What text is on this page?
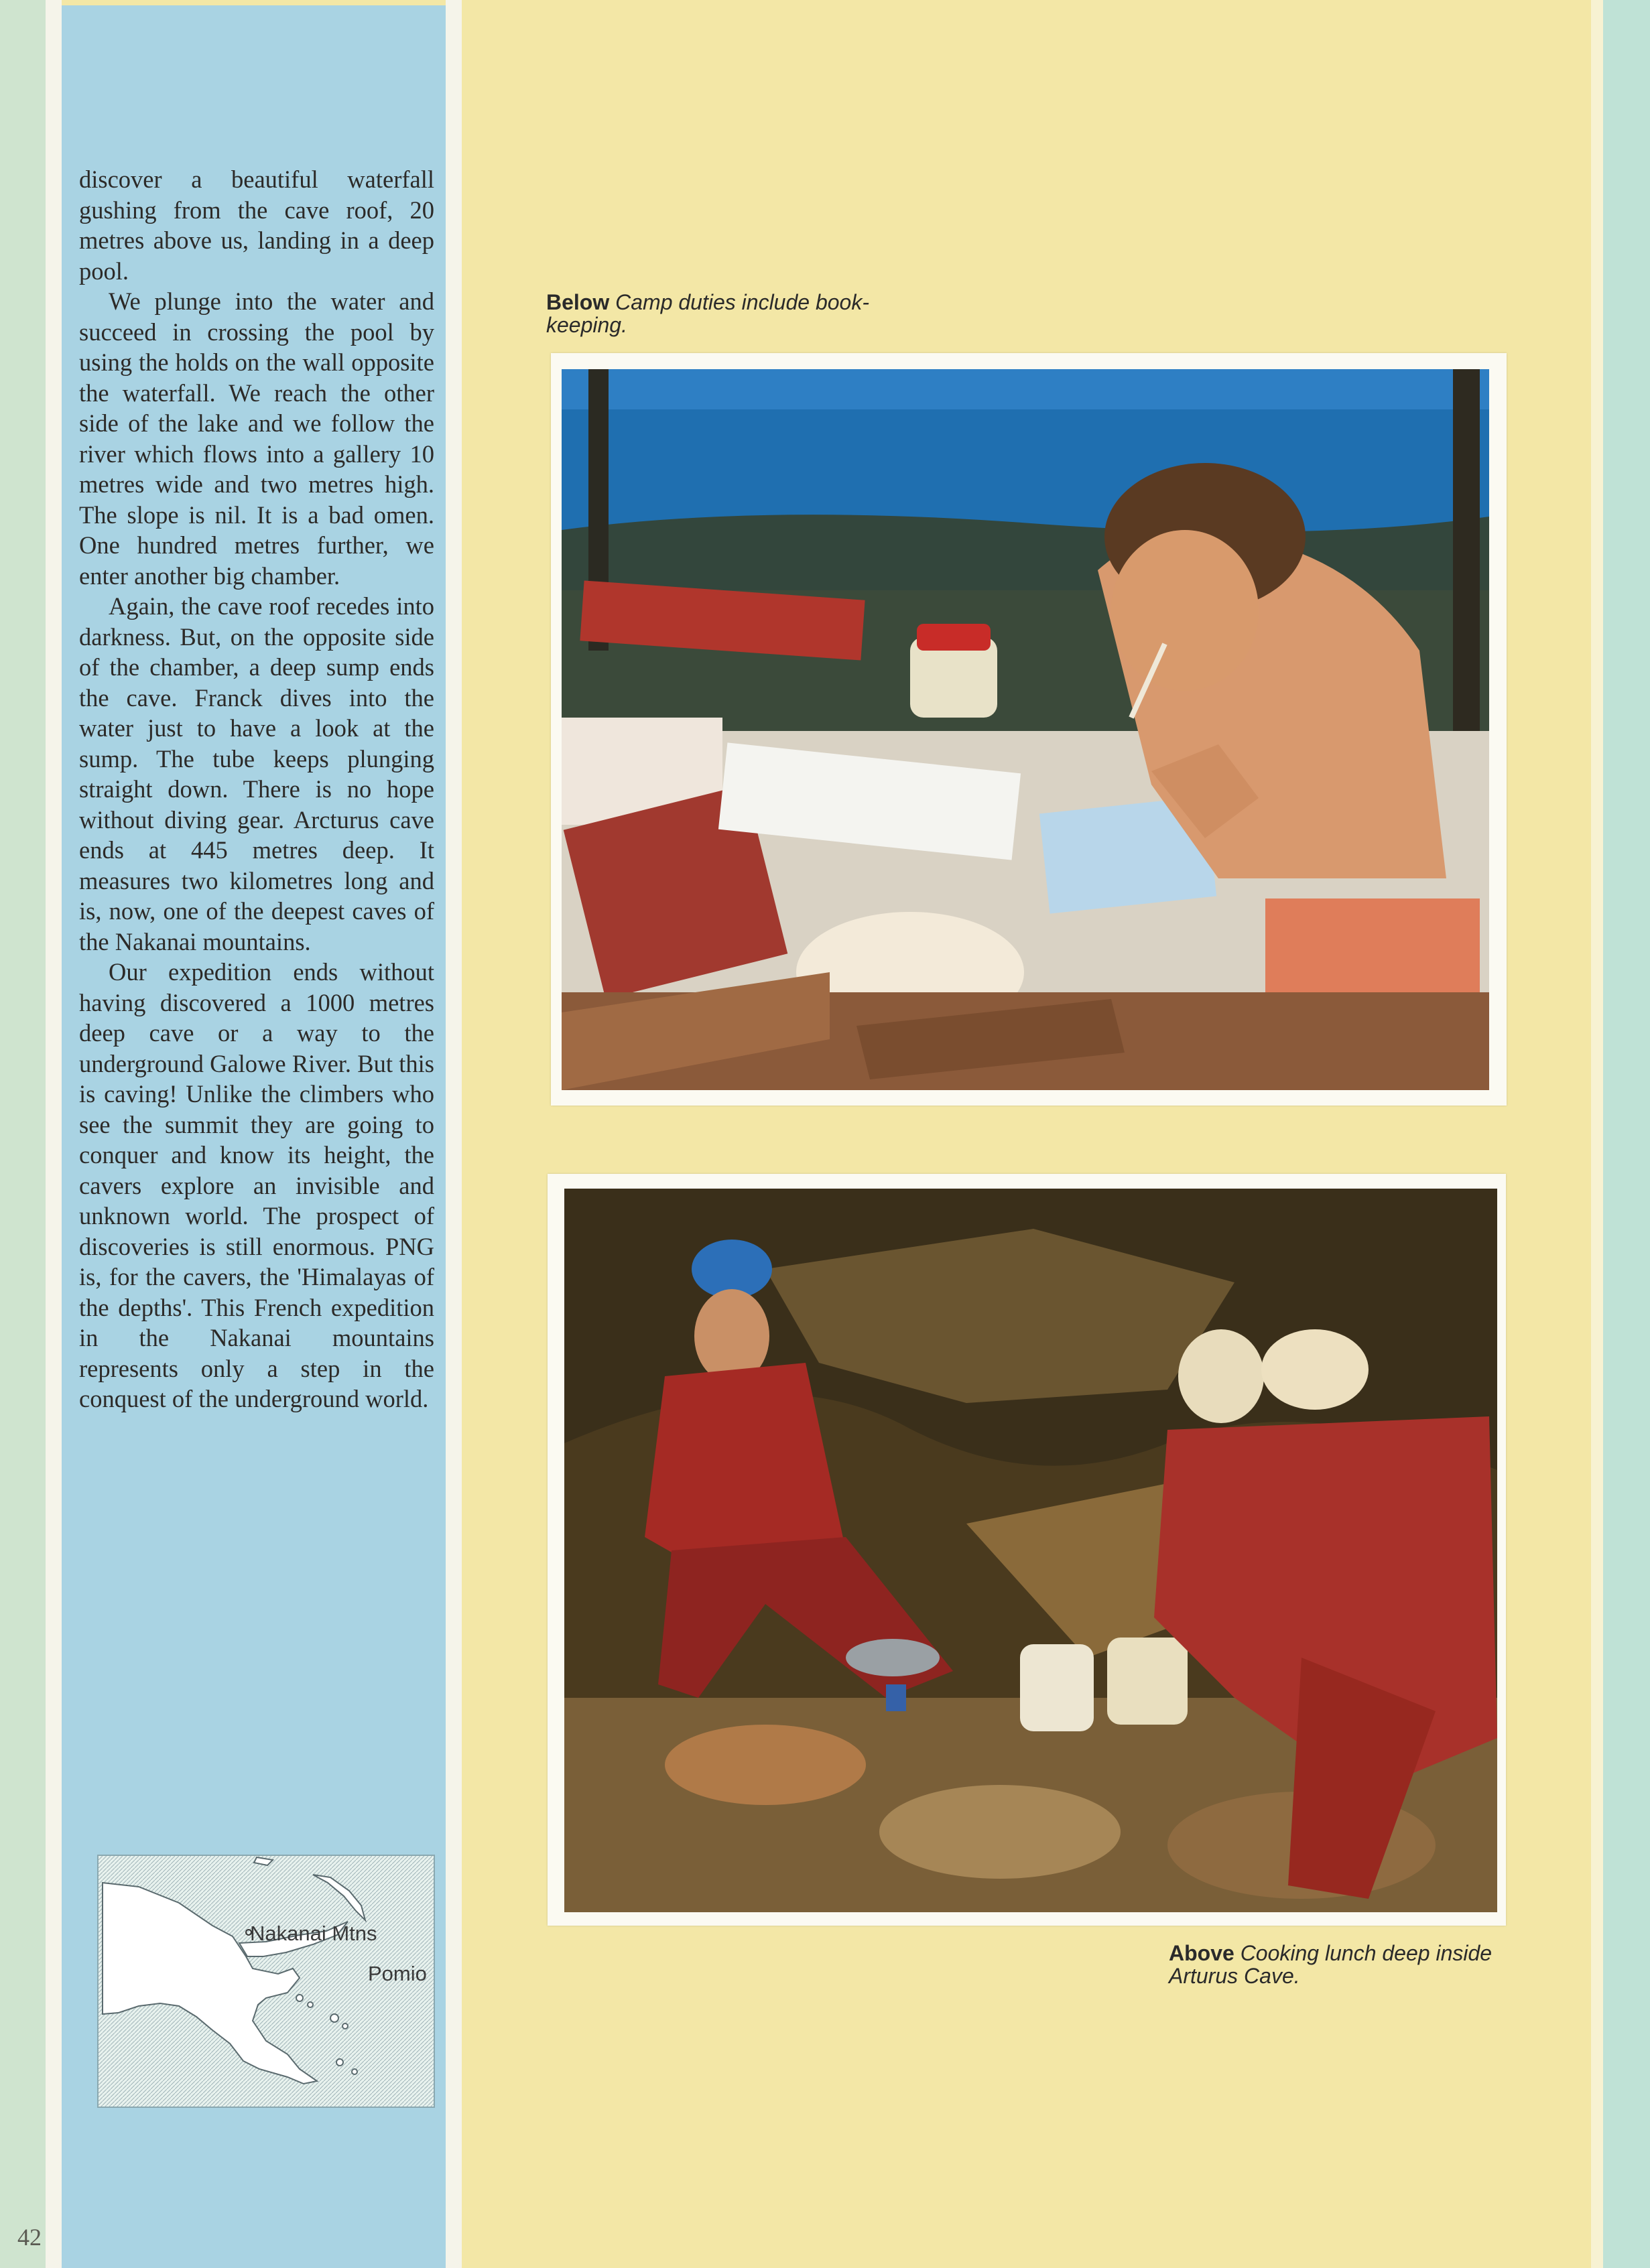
discover a beautiful waterfall gushing from the cave roof, 20 metres above us, landing in a deep pool.

We plunge into the water and succeed in crossing the pool by using the holds on the wall opposite the waterfall. We reach the other side of the lake and we follow the river which flows into a gallery 10 metres wide and two metres high. The slope is nil. It is a bad omen. One hundred metres further, we enter another big chamber.

Again, the cave roof recedes into darkness. But, on the opposite side of the chamber, a deep sump ends the cave. Franck dives into the water just to have a look at the sump. The tube keeps plunging straight down. There is no hope without diving gear. Arcturus cave ends at 445 metres deep. It measures two kilometres long and is, now, one of the deepest caves of the Nakanai mountains.

Our expedition ends without having discovered a 1000 metres deep cave or a way to the underground Galowe River. But this is caving! Unlike the climbers who see the summit they are going to conquer and know its height, the cavers explore an invisible and unknown world. The prospect of discoveries is still enormous. PNG is, for the cavers, the 'Himalayas of the depths'. This French expedition in the Nakanai mountains represents only a step in the conquest of the underground world.

Nakanai Mtns
Pomio
42
Below Camp duties include book-keeping.
Above Cooking lunch deep inside Arturus Cave.
